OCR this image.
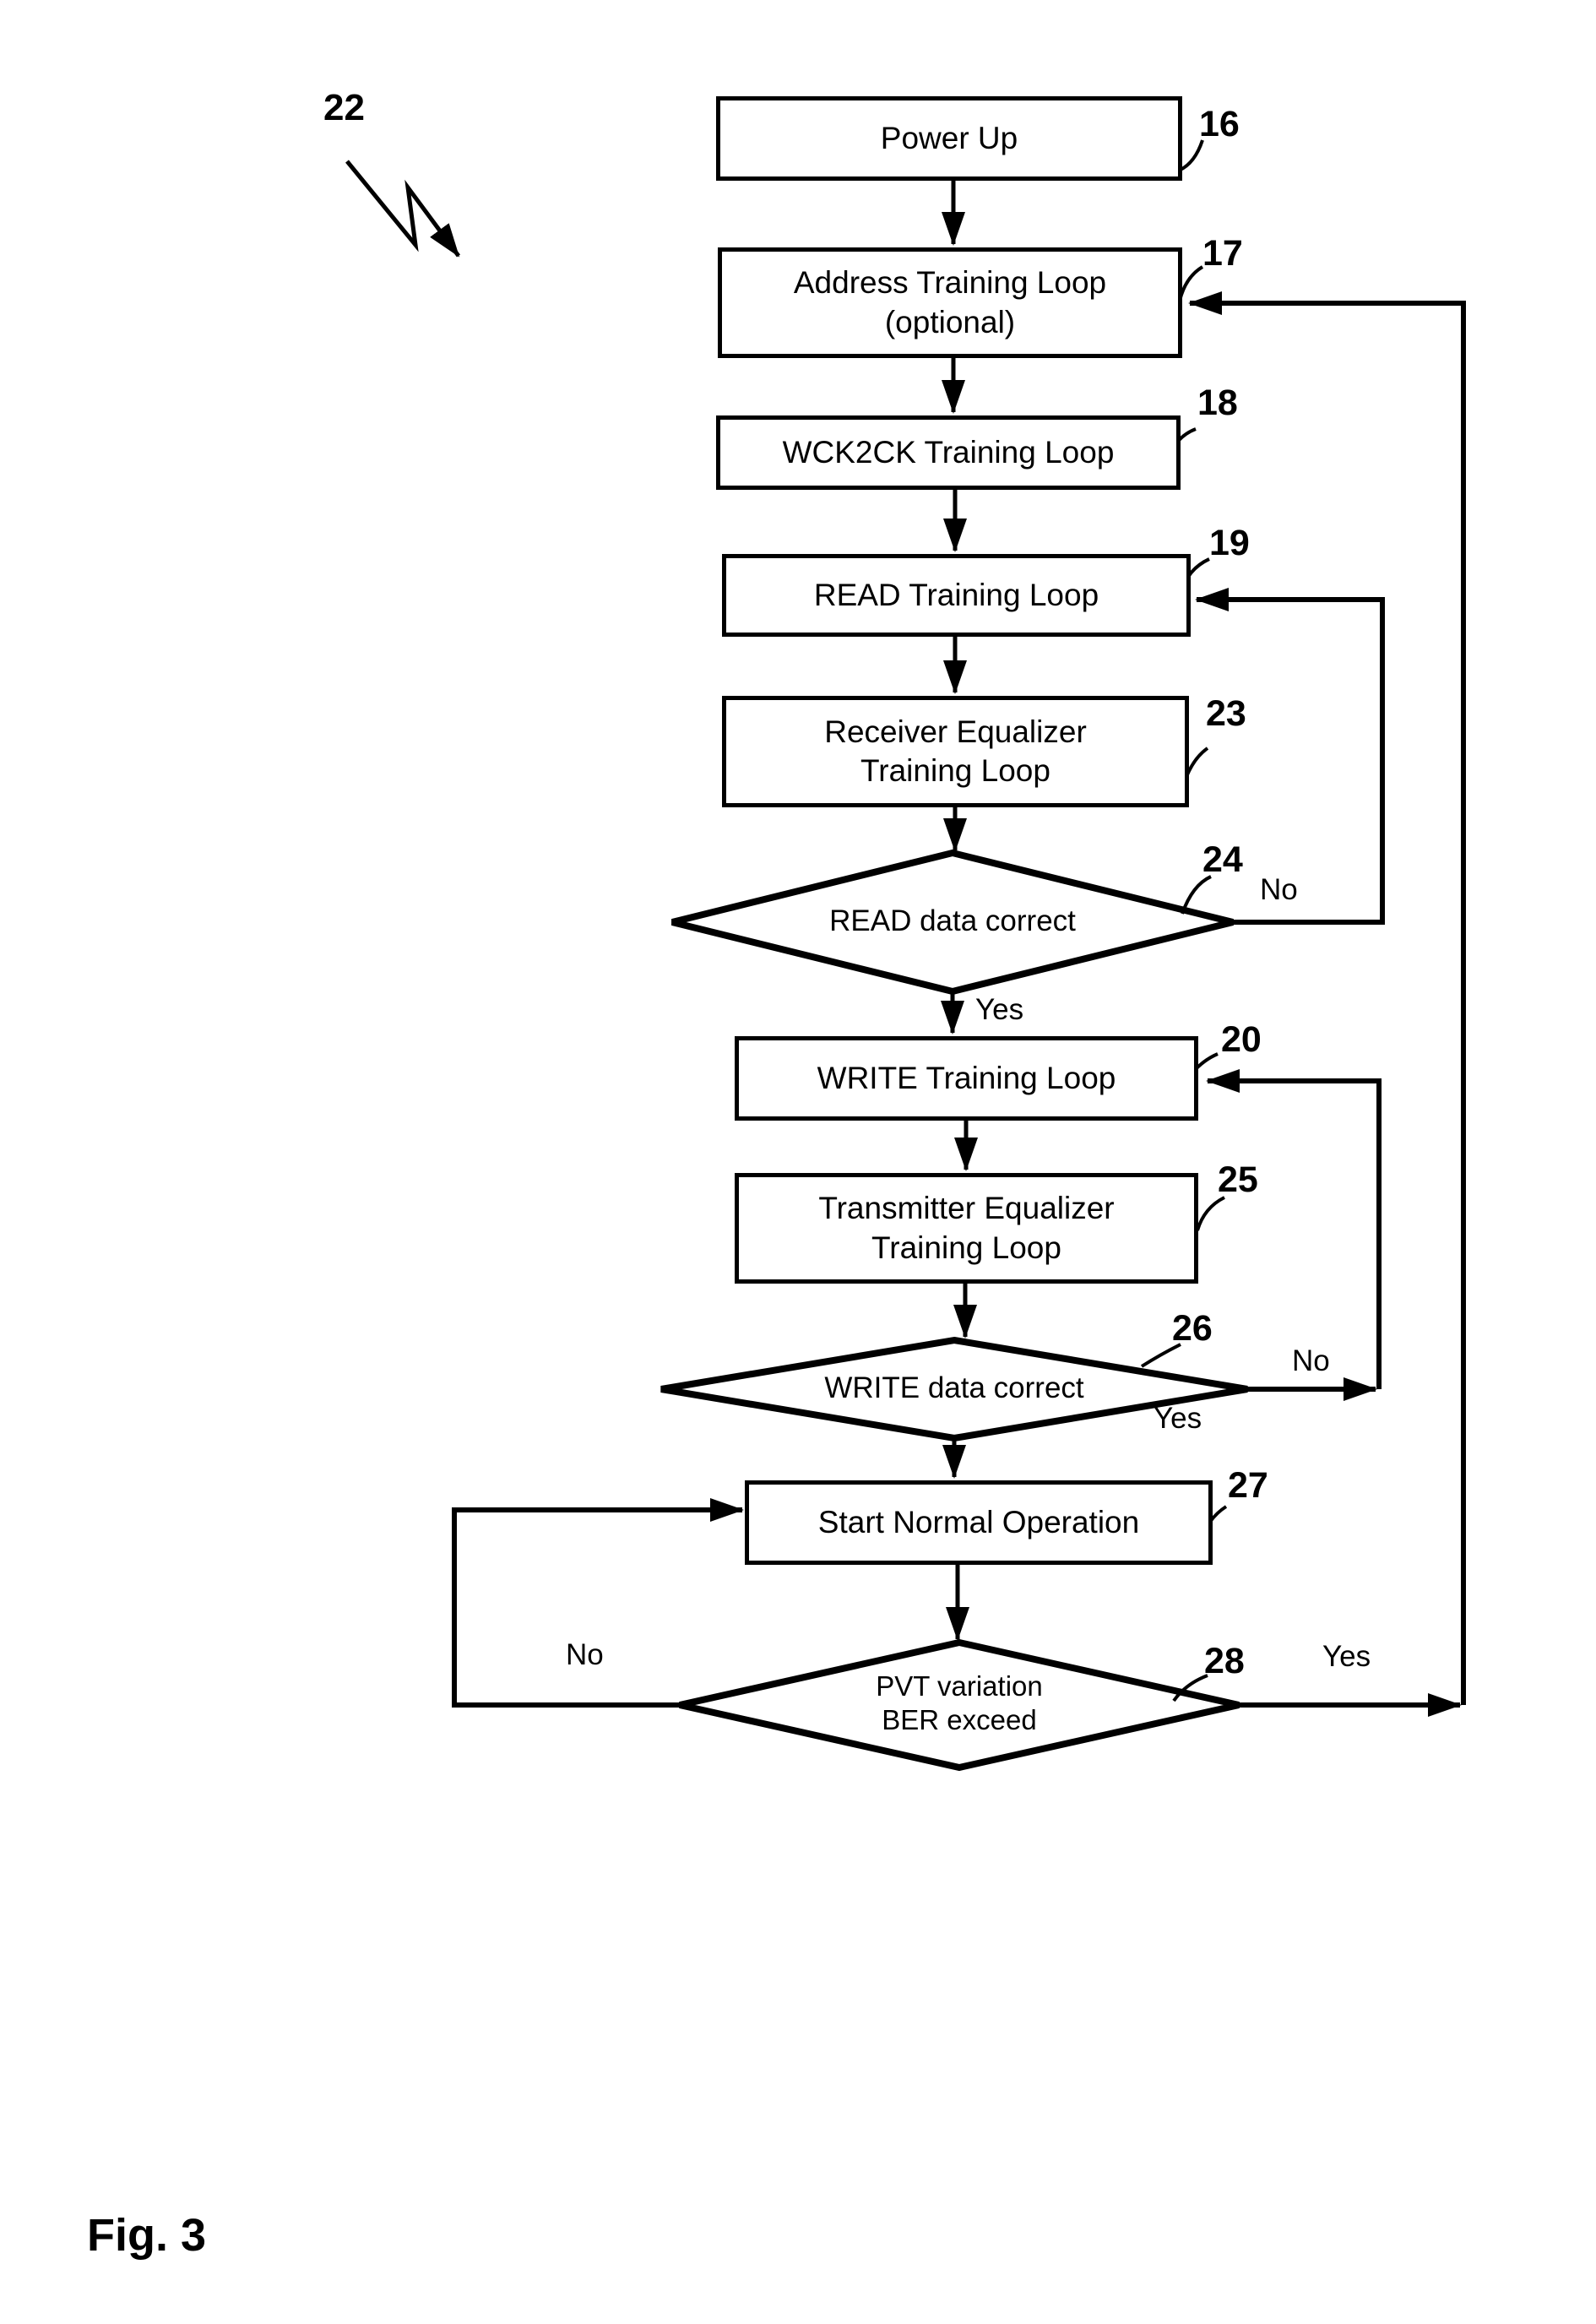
Power Up
Address Training Loop
(optional)
WCK2CK Training Loop
READ Training Loop
Receiver Equalizer
Training Loop
WRITE Training Loop
Transmitter Equalizer
Training Loop
Start Normal Operation
READ data correct
WRITE data correct
PVT variation
BER exceed
16
17
18
19
23
24
20
25
26
27
28
22
No
Yes
No
Yes
Yes
No
Fig. 3
